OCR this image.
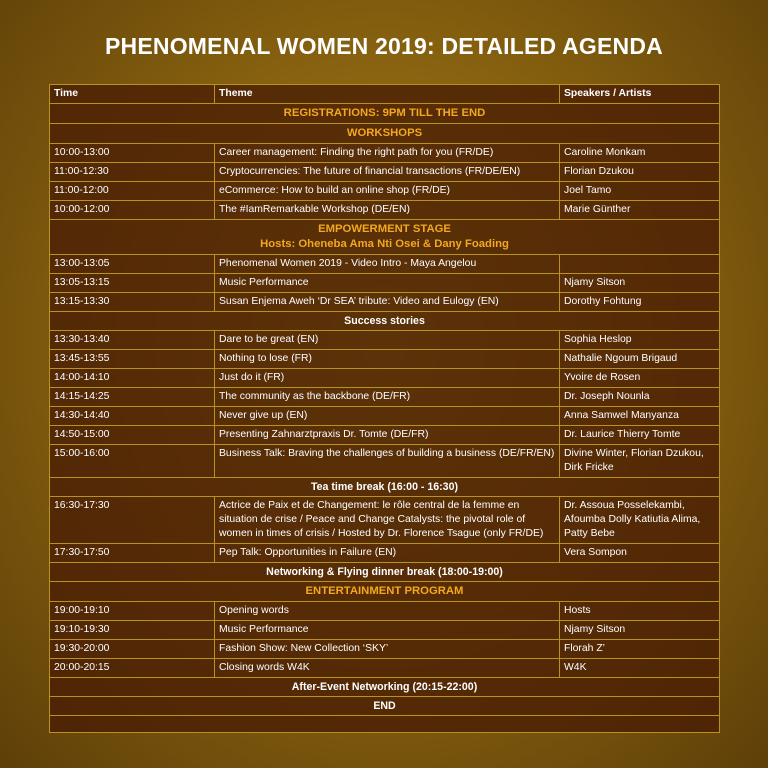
PHENOMENAL WOMEN 2019: DETAILED AGENDA
Time	Theme	Speakers / Artists
REGISTRATIONS: 9PM TILL THE END		
WORKSHOPS		
10:00-13:00	Career management: Finding the right path for you (FR/DE)	Caroline Monkam
11:00-12:30	Cryptocurrencies: The future of financial transactions (FR/DE/EN)	Florian Dzukou
11:00-12:00	eCommerce: How to build an online shop (FR/DE)	Joel Tamo
10:00-12:00	The #IamRemarkable Workshop (DE/EN)	Marie Günther

EMPOWERMENT STAGE
Hosts: Oheneba Ama Nti Osei & Dany Foading		

13:00-13:05	Phenomenal Women 2019 - Video Intro - Maya Angelou	
13:05-13:15	Music Performance	Njamy Sitson
13:15-13:30	Susan Enjema Aweh ‘Dr SEA’ tribute: Video and Eulogy (EN)	Dorothy Fohtung
Success stories		
13:30-13:40	Dare to be great (EN)	Sophia Heslop
13:45-13:55	Nothing to lose (FR)	Nathalie Ngoum Brigaud
14:00-14:10	Just do it (FR)	Yvoire de Rosen
14:15-14:25	The community as the backbone (DE/FR)	Dr. Joseph Nounla
14:30-14:40	Never give up (EN)	Anna Samwel Manyanza
14:50-15:00	Presenting Zahnarztpraxis Dr. Tomte (DE/FR)	Dr. Laurice Thierry Tomte
15:00-16:00	Business Talk: Braving the challenges of building a business (DE/FR/EN)	Divine Winter, Florian Dzukou, Dirk Fricke
Tea time break (16:00 - 16:30)		
16:30-17:30	Actrice de Paix et de Changement: le rôle central de la femme en situation de crise / Peace and Change Catalysts: the pivotal role of women in times of crisis / Hosted by Dr. Florence Tsague (only FR/DE)	Dr. Assoua Posselekambi, Afoumba Dolly Katiutia Alima, Patty Bebe
17:30-17:50	Pep Talk: Opportunities in Failure (EN)	Vera Sompon
Networking & Flying dinner break (18:00-19:00)		
ENTERTAINMENT PROGRAM		
19:00-19:10	Opening words	Hosts
19:10-19:30	Music Performance	Njamy Sitson
19:30-20:00	Fashion Show: New Collection ‘SKY’	Florah Z’
20:00-20:15	Closing words W4K	W4K
After-Event Networking (20:15-22:00)		
END		
